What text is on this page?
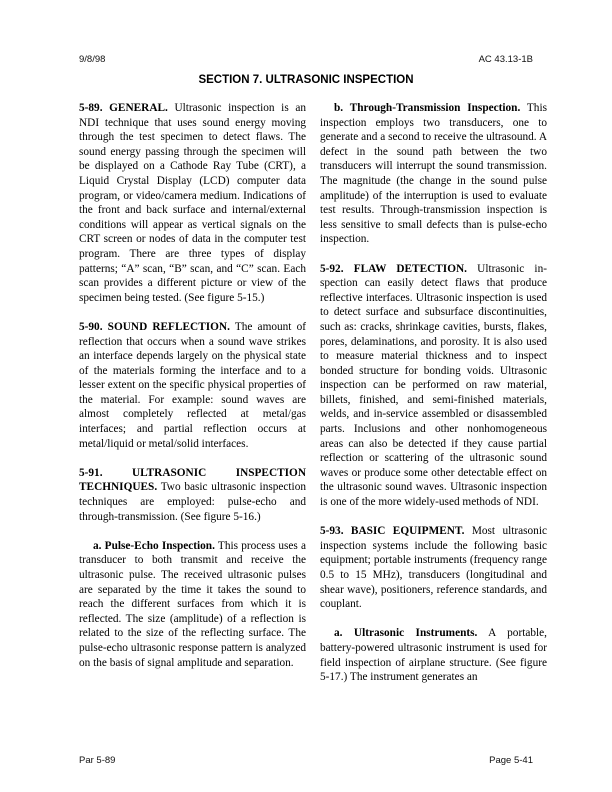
9/8/98	AC 43.13-1B
SECTION 7. ULTRASONIC INSPECTION

5-89. GENERAL. Ultrasonic inspection is an NDI technique that uses sound energy moving through the test specimen to detect flaws. The sound energy passing through the specimen will be displayed on a Cathode Ray Tube (CRT), a Liquid Crystal Display (LCD) computer data program, or video/camera medium. Indications of the front and back surface and internal/external conditions will appear as vertical signals on the CRT screen or nodes of data in the computer test program. There are three types of display patterns; “A” scan, “B” scan, and “C” scan. Each scan provides a different picture or view of the specimen being tested. (See figure 5-15.)

5-90. SOUND REFLECTION. The amount of reflection that occurs when a sound wave strikes an interface depends largely on the physical state of the materials forming the interface and to a lesser extent on the specific physical properties of the material. For example: sound waves are almost completely reflected at metal/gas interfaces; and partial reflection occurs at metal/liquid or metal/solid interfaces.

5-91. ULTRASONIC INSPECTION TECHNIQUES. Two basic ultrasonic inspection techniques are employed: pulse-echo and through-transmission. (See figure 5-16.)

a. Pulse-Echo Inspection. This process uses a transducer to both transmit and receive the ultrasonic pulse. The received ultrasonic pulses are separated by the time it takes the sound to reach the different surfaces from which it is reflected. The size (amplitude) of a reflection is related to the size of the reflecting surface. The pulse-echo ultrasonic response pattern is analyzed on the basis of signal amplitude and separation.

b. Through-Transmission Inspection. This inspection employs two transducers, one to generate and a second to receive the ultrasound. A defect in the sound path between the two transducers will interrupt the sound transmission. The magnitude (the change in the sound pulse amplitude) of the interruption is used to evaluate test results. Through-transmission inspection is less sensitive to small defects than is pulse-echo inspection.

5-92. FLAW DETECTION. Ultrasonic inspection can easily detect flaws that produce reflective interfaces. Ultrasonic inspection is used to detect surface and subsurface discontinuities, such as: cracks, shrinkage cavities, bursts, flakes, pores, delaminations, and porosity. It is also used to measure material thickness and to inspect bonded structure for bonding voids. Ultrasonic inspection can be performed on raw material, billets, finished, and semi-finished materials, welds, and in-service assembled or disassembled parts. Inclusions and other nonhomogeneous areas can also be detected if they cause partial reflection or scattering of the ultrasonic sound waves or produce some other detectable effect on the ultrasonic sound waves. Ultrasonic inspection is one of the more widely-used methods of NDI.

5-93. BASIC EQUIPMENT. Most ultrasonic inspection systems include the following basic equipment; portable instruments (frequency range 0.5 to 15 MHz), transducers (longitudinal and shear wave), positioners, reference standards, and couplant.

a. Ultrasonic Instruments. A portable, battery-powered ultrasonic instrument is used for field inspection of airplane structure. (See figure 5-17.) The instrument generates an

Par 5-89	Page 5-41
